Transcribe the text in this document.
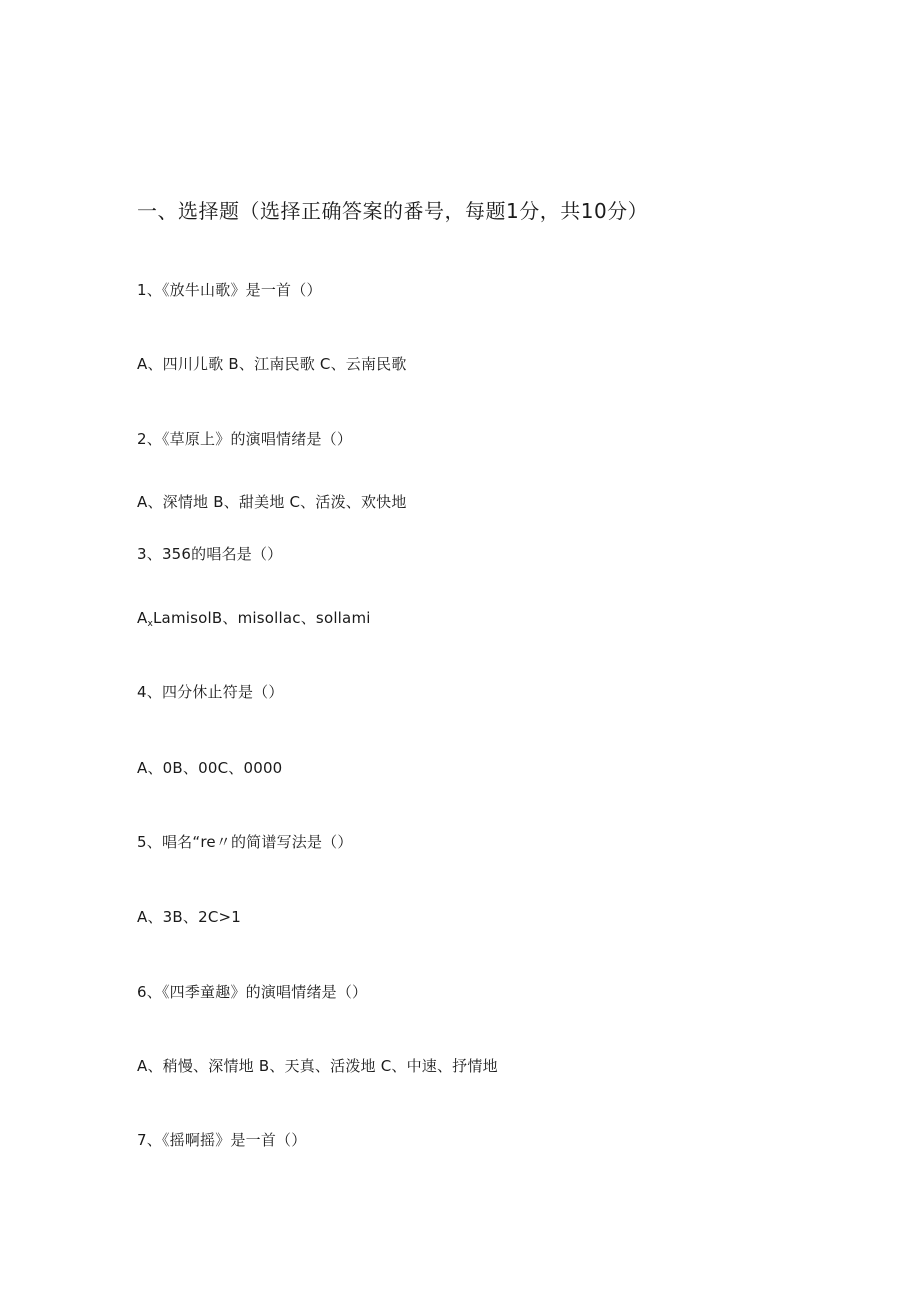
一、选择题（选择正确答案的番号，每题1分，共10分）
1、《放牛山歌》是一首（）
A、四川儿歌 B、江南民歌 C、云南民歌
2、《草原上》的演唱情绪是（）
A、深情地 B、甜美地 C、活泼、欢快地
3、356的唱名是（）
$A_xLamisolB$、misollac、sollami
4、四分休止符是（）
A、0B、00C、0000
5、唱名“re〃的简谱写法是（）
A、3B、2C>1
6、《四季童趣》的演唱情绪是（）
A、稍慢、深情地 B、天真、活泼地 C、中速、抒情地
7、《摇啊摇》是一首（）
